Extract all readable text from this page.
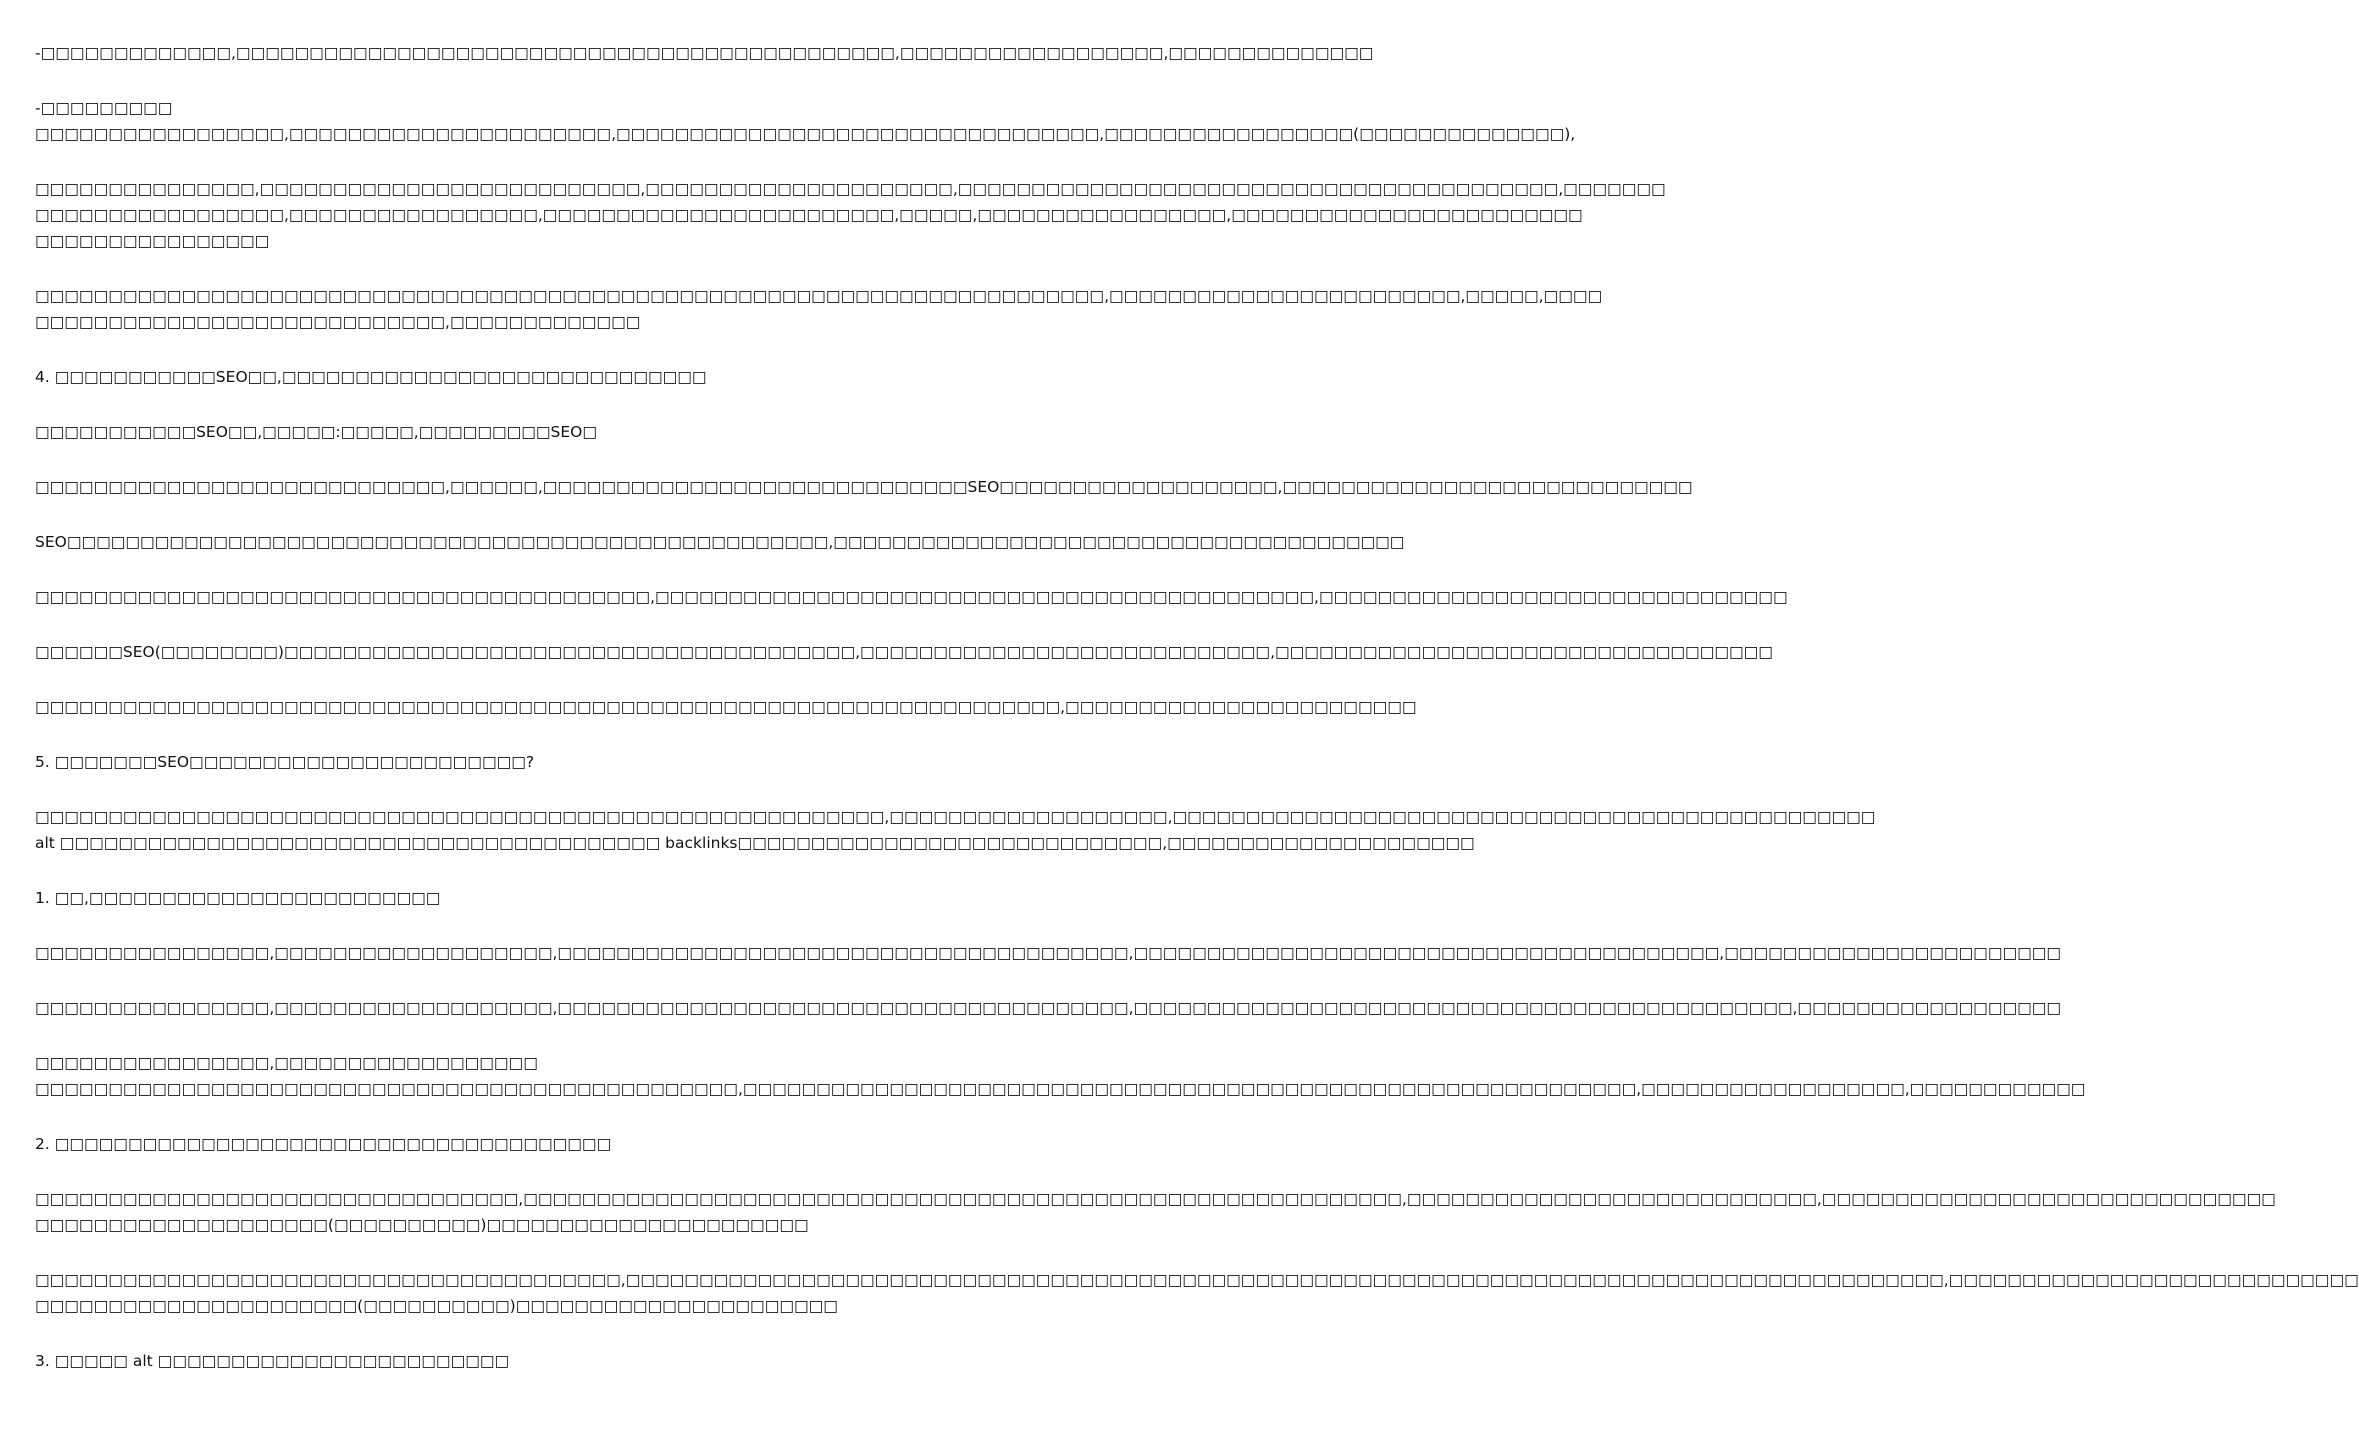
-□□□□□□□□□□□□□,□□□□□□□□□□□□□□□□□□□□□□□□□□□□□□□□□□□□□□□□□□□□□,□□□□□□□□□□□□□□□□□□,□□□□□□□□□□□□□□
-□□□□□□□□□
□□□□□□□□□□□□□□□□□,□□□□□□□□□□□□□□□□□□□□□□,□□□□□□□□□□□□□□□□□□□□□□□□□□□□□□□□□,□□□□□□□□□□□□□□□□□(□□□□□□□□□□□□□□),
□□□□□□□□□□□□□□□,□□□□□□□□□□□□□□□□□□□□□□□□□□,□□□□□□□□□□□□□□□□□□□□□,□□□□□□□□□□□□□□□□□□□□□□□□□□□□□□□□□□□□□□□□□,□□□□□□□
□□□□□□□□□□□□□□□□□,□□□□□□□□□□□□□□□□□,□□□□□□□□□□□□□□□□□□□□□□□□,□□□□□,□□□□□□□□□□□□□□□□□,□□□□□□□□□□□□□□□□□□□□□□□□
□□□□□□□□□□□□□□□□
□□□□□□□□□□□□□□□□□□□□□□□□□□□□□□□□□□□□□□□□□□□□□□□□□□□□□□□□□□□□□□□□□□□□□□□□□,□□□□□□□□□□□□□□□□□□□□□□□□,□□□□□,□□□□
□□□□□□□□□□□□□□□□□□□□□□□□□□□□,□□□□□□□□□□□□□
4. □□□□□□□□□□□SEO□□,□□□□□□□□□□□□□□□□□□□□□□□□□□□□□
□□□□□□□□□□□SEO□□,□□□□□:□□□□□,□□□□□□□□□SEO□
□□□□□□□□□□□□□□□□□□□□□□□□□□□□,□□□□□□,□□□□□□□□□□□□□□□□□□□□□□□□□□□□□SEO□□□□□□□□□□□□□□□□□□□,□□□□□□□□□□□□□□□□□□□□□□□□□□□□
SEO□□□□□□□□□□□□□□□□□□□□□□□□□□□□□□□□□□□□□□□□□□□□□□□□□□□□,□□□□□□□□□□□□□□□□□□□□□□□□□□□□□□□□□□□□□□□
□□□□□□□□□□□□□□□□□□□□□□□□□□□□□□□□□□□□□□□□□□,□□□□□□□□□□□□□□□□□□□□□□□□□□□□□□□□□□□□□□□□□□□□□,□□□□□□□□□□□□□□□□□□□□□□□□□□□□□□□□
□□□□□□SEO(□□□□□□□□)□□□□□□□□□□□□□□□□□□□□□□□□□□□□□□□□□□□□□□□,□□□□□□□□□□□□□□□□□□□□□□□□□□□□,□□□□□□□□□□□□□□□□□□□□□□□□□□□□□□□□□□
□□□□□□□□□□□□□□□□□□□□□□□□□□□□□□□□□□□□□□□□□□□□□□□□□□□□□□□□□□□□□□□□□□□□□□,□□□□□□□□□□□□□□□□□□□□□□□□
5. □□□□□□□SEO□□□□□□□□□□□□□□□□□□□□□□□?
□□□□□□□□□□□□□□□□□□□□□□□□□□□□□□□□□□□□□□□□□□□□□□□□□□□□□□□□□□,□□□□□□□□□□□□□□□□□□□,□□□□□□□□□□□□□□□□□□□□□□□□□□□□□□□□□□□□□□□□□□□□□□□□
alt □□□□□□□□□□□□□□□□□□□□□□□□□□□□□□□□□□□□□□□□□ backlinks□□□□□□□□□□□□□□□□□□□□□□□□□□□□□,□□□□□□□□□□□□□□□□□□□□□
1. □□,□□□□□□□□□□□□□□□□□□□□□□□□
□□□□□□□□□□□□□□□□,□□□□□□□□□□□□□□□□□□□,□□□□□□□□□□□□□□□□□□□□□□□□□□□□□□□□□□□□□□□,□□□□□□□□□□□□□□□□□□□□□□□□□□□□□□□□□□□□□□□□,□□□□□□□□□□□□□□□□□□□□□□□
□□□□□□□□□□□□□□□□,□□□□□□□□□□□□□□□□□□□,□□□□□□□□□□□□□□□□□□□□□□□□□□□□□□□□□□□□□□□,□□□□□□□□□□□□□□□□□□□□□□□□□□□□□□□□□□□□□□□□□□□□□,□□□□□□□□□□□□□□□□□□
□□□□□□□□□□□□□□□□,□□□□□□□□□□□□□□□□□□
□□□□□□□□□□□□□□□□□□□□□□□□□□□□□□□□□□□□□□□□□□□□□□□□,□□□□□□□□□□□□□□□□□□□□□□□□□□□□□□□□□□□□□□□□□□□□□□□□□□□□□□□□□□□□□,□□□□□□□□□□□□□□□□□□,□□□□□□□□□□□□
2. □□□□□□□□□□□□□□□□□□□□□□□□□□□□□□□□□□□□□□
□□□□□□□□□□□□□□□□□□□□□□□□□□□□□□□□□,□□□□□□□□□□□□□□□□□□□□□□□□□□□□□□□□□□□□□□□□□□□□□□□□□□□□□□□□□□□□,□□□□□□□□□□□□□□□□□□□□□□□□□□□□,□□□□□□□□□□□□□□□□□□□□□□□□□□□□□□□
□□□□□□□□□□□□□□□□□□□□(□□□□□□□□□□)□□□□□□□□□□□□□□□□□□□□□□
□□□□□□□□□□□□□□□□□□□□□□□□□□□□□□□□□□□□□□□□,□□□□□□□□□□□□□□□□□□□□□□□□□□□□□□□□□□□□□□□□□□□□□□□□□□□□□□□□□□□□□□□□□□□□□□□□□□□□□□□□□□□□□□□□□□,□□□□□□□□□□□□□□□□□□□□□□□□□□□□
□□□□□□□□□□□□□□□□□□□□□□(□□□□□□□□□□)□□□□□□□□□□□□□□□□□□□□□□
3. □□□□□ alt □□□□□□□□□□□□□□□□□□□□□□□□
